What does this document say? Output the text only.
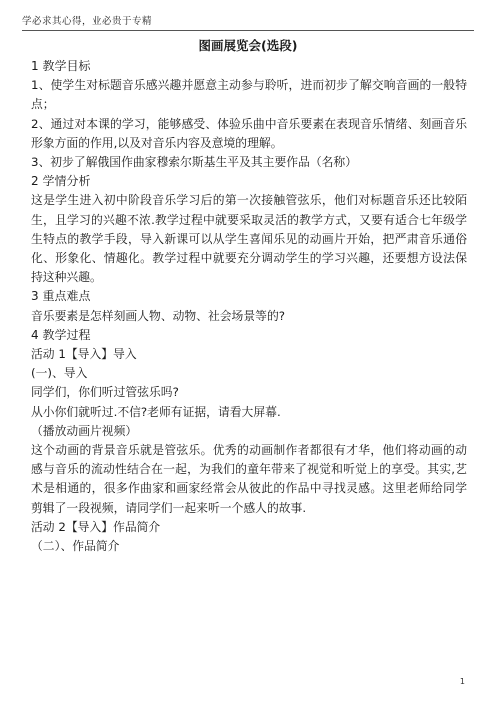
学必求其心得，业必贵于专精
图画展览会(选段)

1 教学目标

1、使学生对标题音乐感兴趣并愿意主动参与聆听，进而初步了解交响音画的一般特点；

2、通过对本课的学习，能够感受、体验乐曲中音乐要素在表现音乐情绪、刻画音乐形象方面的作用,以及对音乐内容及意境的理解。

3、初步了解俄国作曲家穆索尔斯基生平及其主要作品（名称）

2 学情分析

这是学生进入初中阶段音乐学习后的第一次接触管弦乐，他们对标题音乐还比较陌生，且学习的兴趣不浓.教学过程中就要采取灵活的教学方式，又要有适合七年级学生特点的教学手段，导入新课可以从学生喜闻乐见的动画片开始，把严肃音乐通俗化、形象化、情趣化。教学过程中就要充分调动学生的学习兴趣，还要想方设法保持这种兴趣。

3 重点难点

音乐要素是怎样刻画人物、动物、社会场景等的?

4 教学过程

活动 1【导入】导入

(一)、导入

同学们，你们听过管弦乐吗?

从小你们就听过.不信?老师有证据，请看大屏幕.

（播放动画片视频）

这个动画的背景音乐就是管弦乐。优秀的动画制作者都很有才华，他们将动画的动感与音乐的流动性结合在一起，为我们的童年带来了视觉和听觉上的享受。其实,艺术是相通的，很多作曲家和画家经常会从彼此的作品中寻找灵感。这里老师给同学剪辑了一段视频，请同学们一起来听一个感人的故事.

活动 2【导入】作品简介

（二）、作品简介

1
